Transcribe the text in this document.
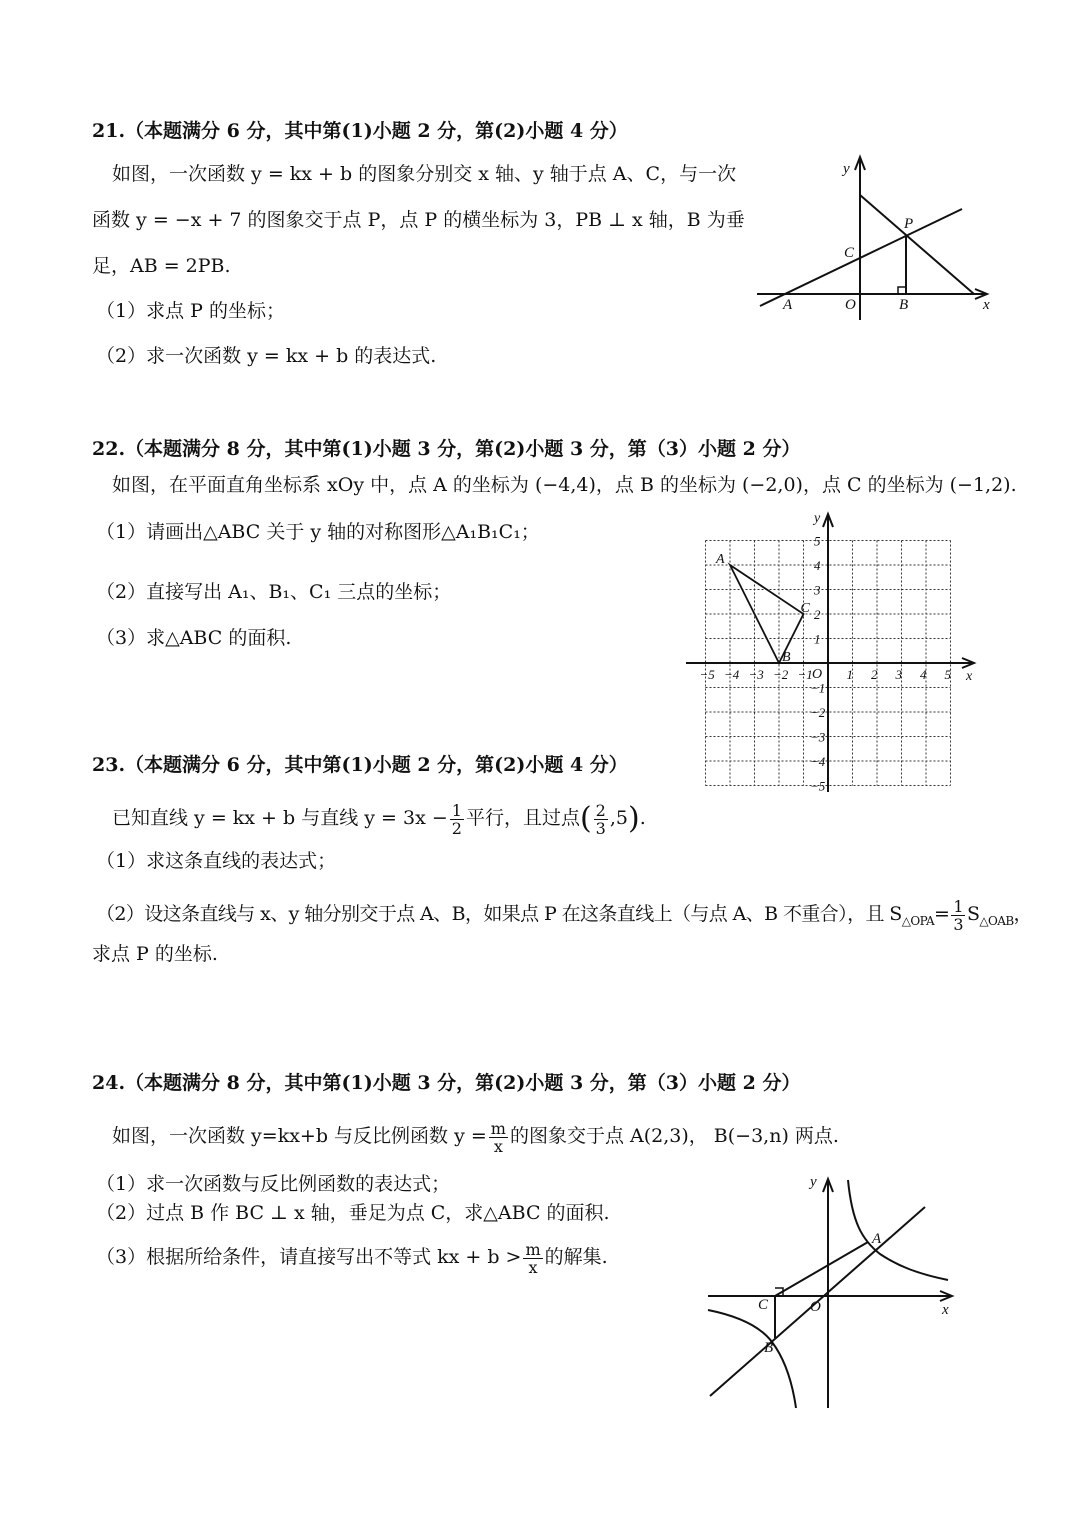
21.（本题满分 6 分，其中第(1)小题 2 分，第(2)小题 4 分）
如图，一次函数 y = kx + b 的图象分别交 x 轴、y 轴于点 A、C，与一次
函数 y = −x + 7 的图象交于点 P，点 P 的横坐标为 3，PB ⊥ x 轴，B 为垂
足，AB = 2PB.
（1）求点 P 的坐标；
（2）求一次函数 y = kx + b 的表达式.
y
P
C
A	O	B	x
22.（本题满分 8 分，其中第(1)小题 3 分，第(2)小题 3 分，第（3）小题 2 分）
如图，在平面直角坐标系 xOy 中，点 A 的坐标为 (−4,4)，点 B 的坐标为 (−2,0)，点 C 的坐标为 (−1,2).
（1）请画出△ABC 关于 y 轴的对称图形△A₁B₁C₁；
（2）直接写出 A₁、B₁、C₁ 三点的坐标；
（3）求△ABC 的面积.
−5 −4 −3 −2 −1	1 2 3 4 5
5
4
3
2
1
−1
−2
−3
−4
−5
y
x
O
A
B
C
23.（本题满分 6 分，其中第(1)小题 2 分，第(2)小题 4 分）
已知直线 y = kx + b 与直线 $y = 3x - \frac{1}{2}$ 平行，且过点( $\frac{2}{3} ,5$).
（1）求这条直线的表达式；
（2）设这条直线与 x、y 轴分别交于点 A、B，如果点 P 在这条直线上（与点 A、B 不重合），且 $S_{\triangle OPA}= \frac{1}{3} S_{\triangle OAB}$，
求点 P 的坐标.
24.（本题满分 8 分，其中第(1)小题 3 分，第(2)小题 3 分，第（3）小题 2 分）
如图，一次函数 y=kx+b 与反比例函数 $y = \frac{m}{x}$ 的图象交于点 A(2,3)， B(−3,n) 两点.
（1）求一次函数与反比例函数的表达式；
（2）过点 B 作 BC ⊥ x 轴，垂足为点 C，求△ABC 的面积.
（3）根据所给条件，请直接写出不等式 kx + $b > \frac{m}{x}$ 的解集.
y
x
A
C	O
B
